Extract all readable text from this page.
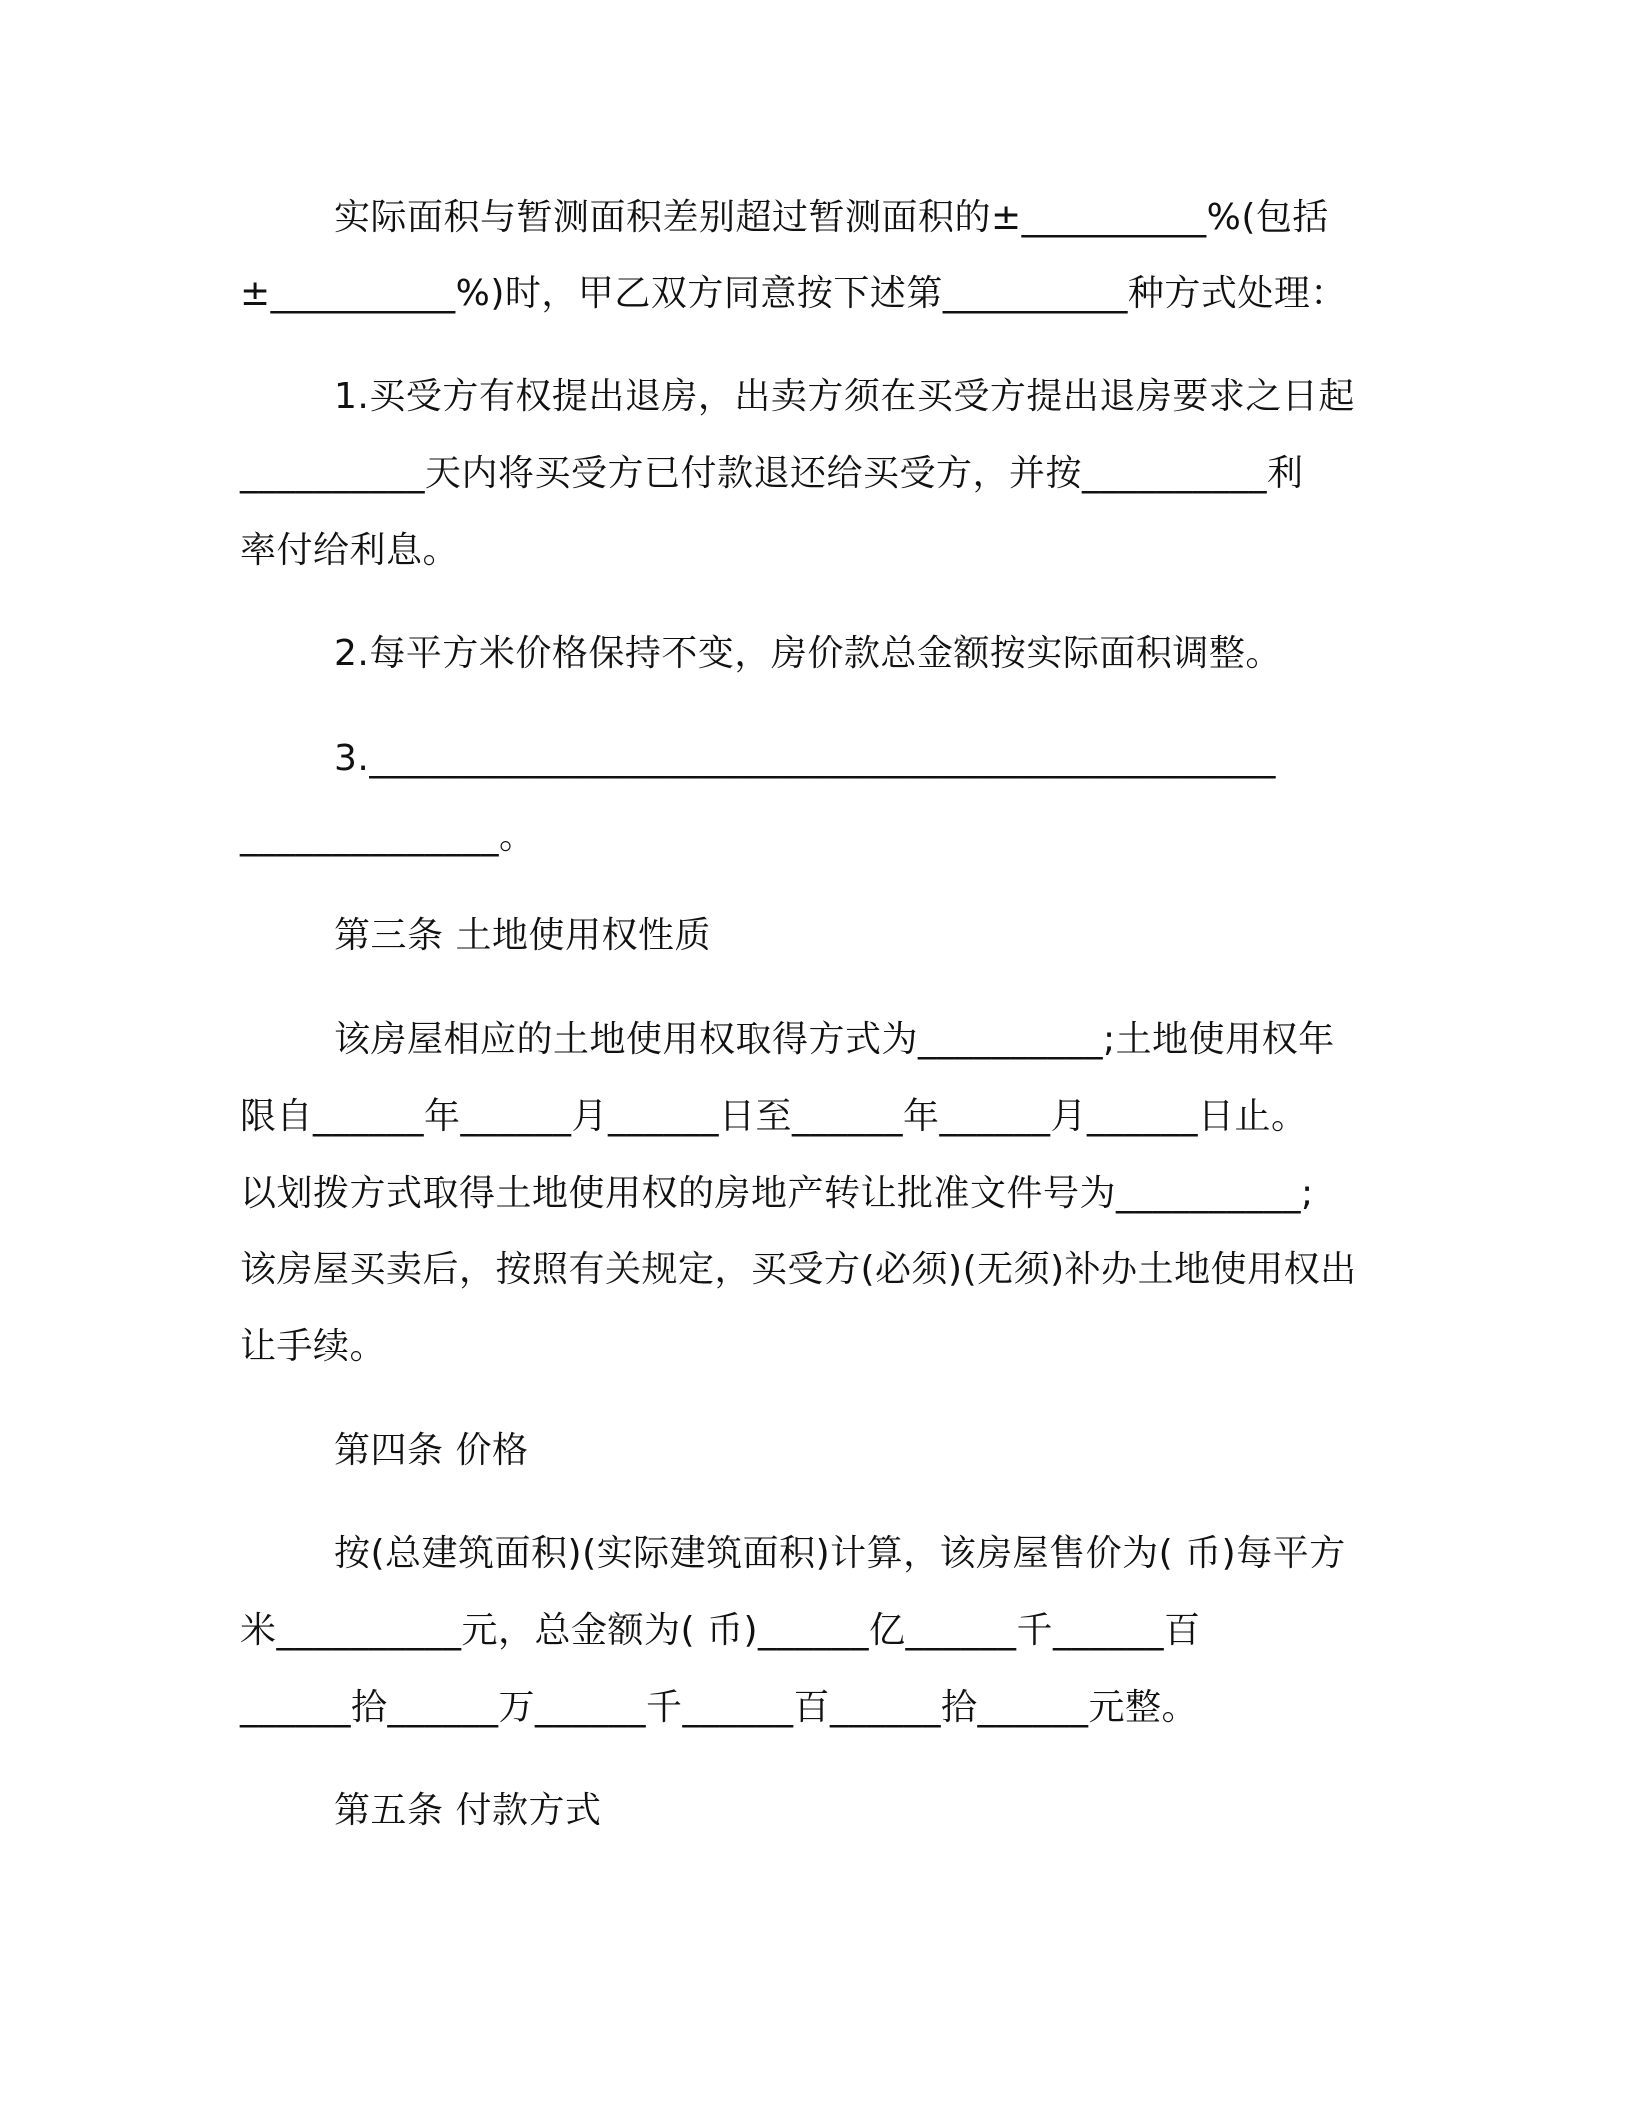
实际面积与暂测面积差别超过暂测面积的±__________%(包括
±__________%)时，甲乙双方同意按下述第__________种方式处理：
1.买受方有权提出退房，出卖方须在买受方提出退房要求之日起
__________天内将买受方已付款退还给买受方，并按__________利
率付给利息。
2.每平方米价格保持不变，房价款总金额按实际面积调整。
3._________________________________________________
______________。
第三条 土地使用权性质
该房屋相应的土地使用权取得方式为__________;土地使用权年
限自______年______月______日至______年______月______日止。
以划拨方式取得土地使用权的房地产转让批准文件号为__________;
该房屋买卖后，按照有关规定，买受方(必须)(无须)补办土地使用权出
让手续。
第四条 价格
按(总建筑面积)(实际建筑面积)计算，该房屋售价为( 币)每平方
米__________元，总金额为( 币)______亿______千______百
______拾______万______千______百______拾______元整。
第五条 付款方式
